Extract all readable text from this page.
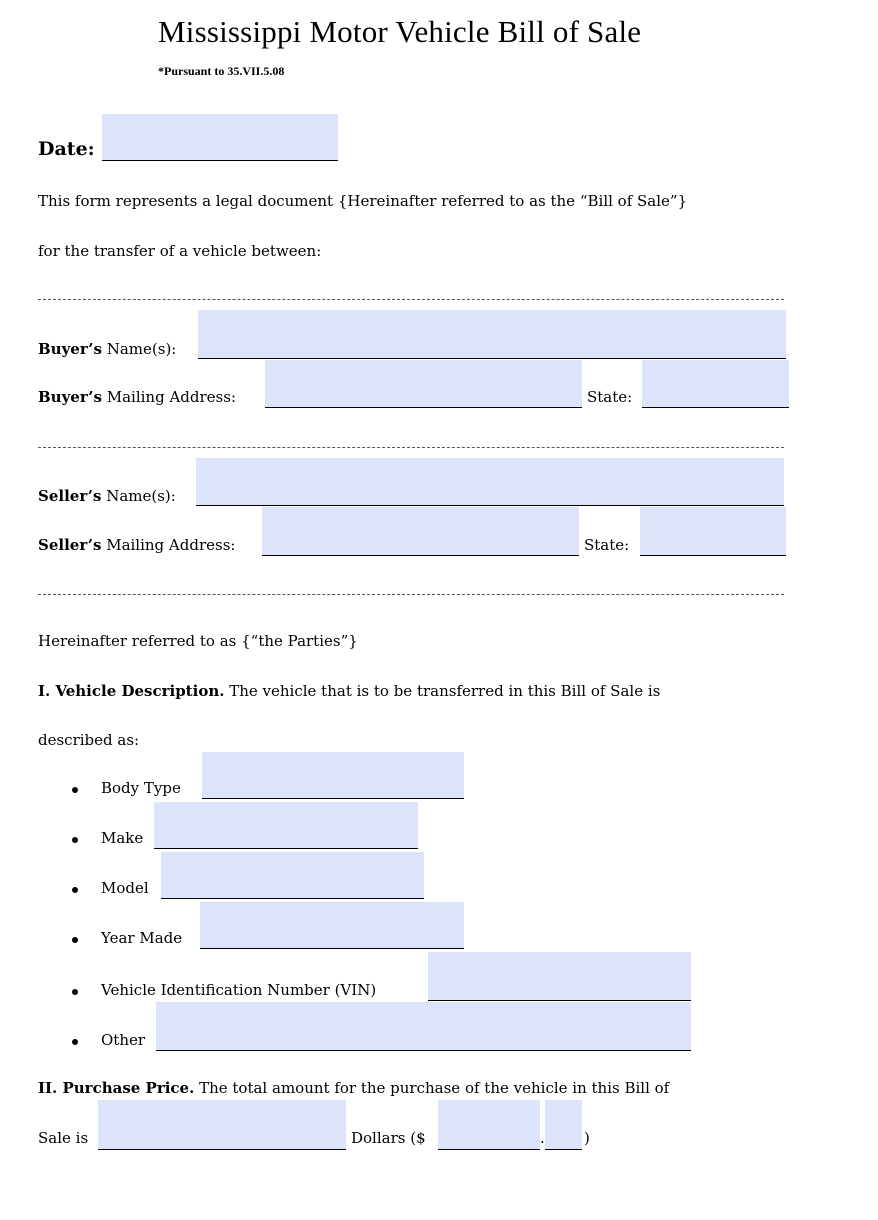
Mississippi Motor Vehicle Bill of Sale
*Pursuant to 35.VII.5.08
Date:
This form represents a legal document {Hereinafter referred to as the “Bill of Sale”}
for the transfer of a vehicle between:
Buyer’s Name(s):
Buyer’s Mailing Address:	State:
Seller’s Name(s):
Seller’s Mailing Address:	State:
Hereinafter referred to as {“the Parties”}
I. Vehicle Description. The vehicle that is to be transferred in this Bill of Sale is
described as:
Body Type
Make
Model
Year Made
Vehicle Identification Number (VIN)
Other
II. Purchase Price. The total amount for the purchase of the vehicle in this Bill of
Sale is	Dollars ($	.	)
